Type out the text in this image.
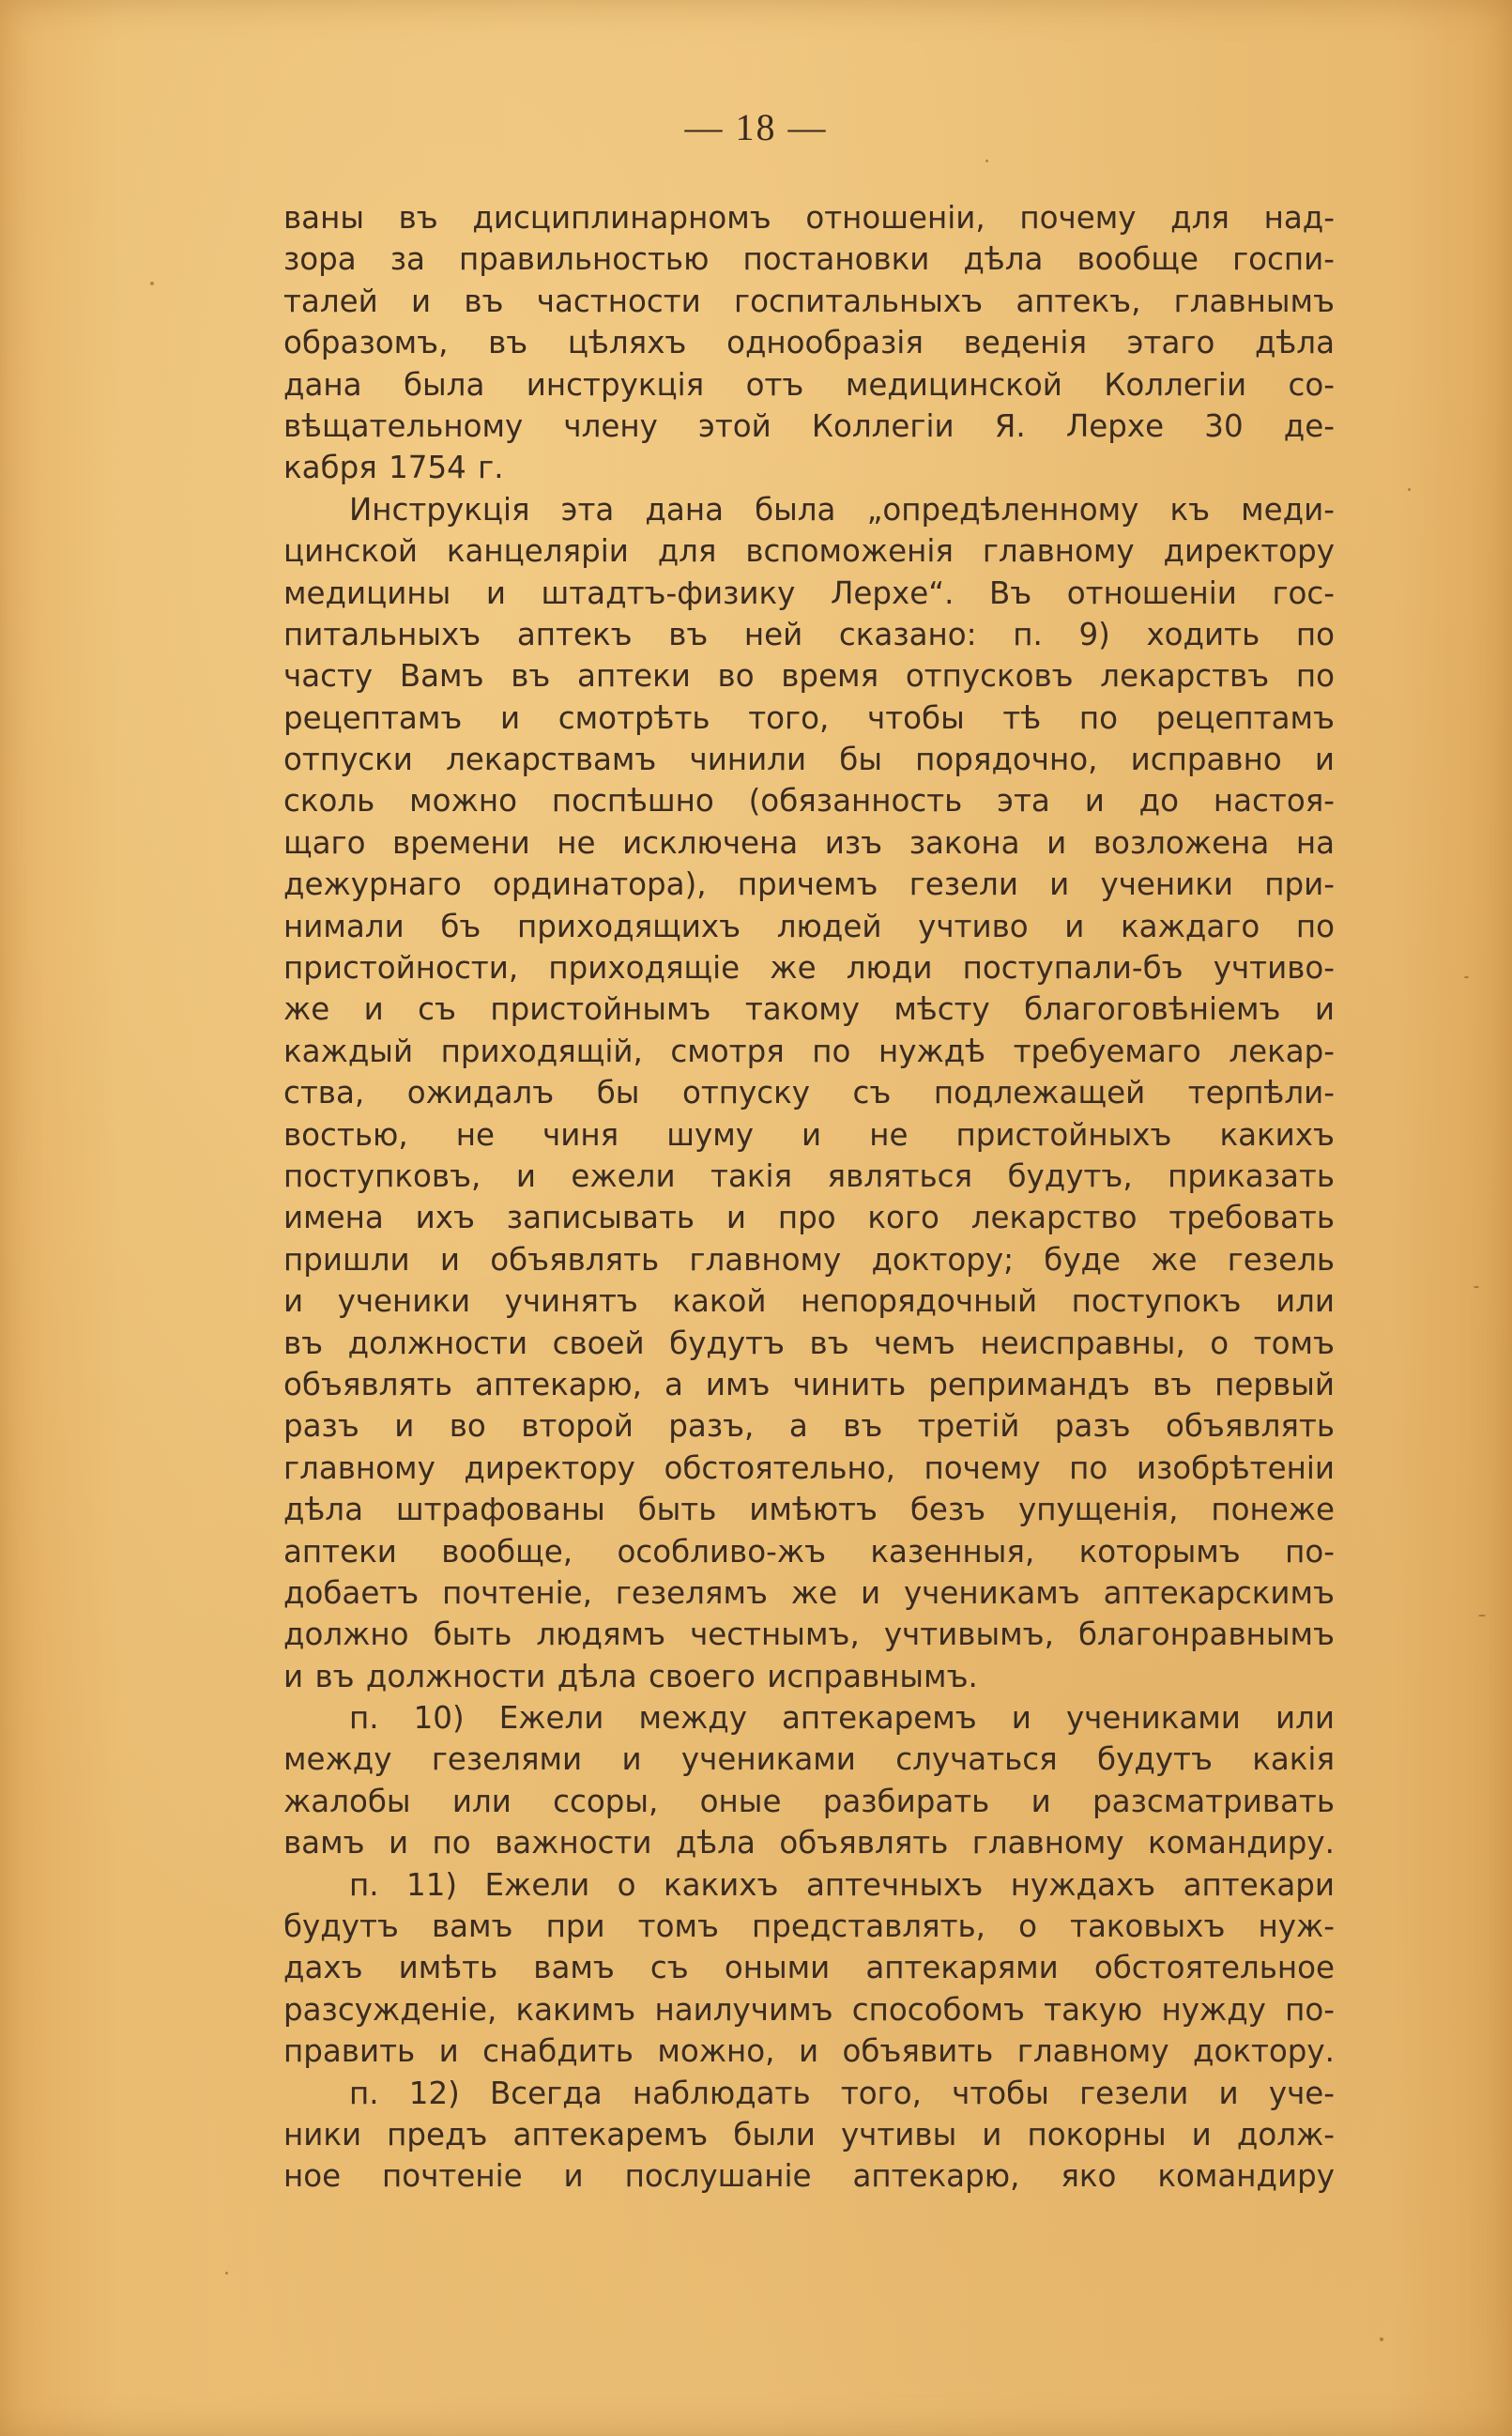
— 18 —
ваны въ дисциплинарномъ отношенiи, почему для над-
зора за правильностью постановки дѣла вообще госпи-
талей и въ частности госпитальныхъ аптекъ, главнымъ
образомъ, въ цѣляхъ однообразiя веденiя этаго дѣла
дана была инструкцiя отъ медицинской Коллегiи со-
вѣщательному члену этой Коллегiи Я. Лерхе 30 де-
кабря 1754 г.
Инструкцiя эта дана была „опредѣленному къ меди-
цинской канцелярiи для вспоможенiя главному директору
медицины и штадтъ-физику Лерхе“. Въ отношенiи гос-
питальныхъ аптекъ въ ней сказано: п. 9) ходить по
часту Вамъ въ аптеки во время отпусковъ лекарствъ по
рецептамъ и смотрѣть того, чтобы тѣ по рецептамъ
отпуски лекарствамъ чинили бы порядочно, исправно и
сколь можно поспѣшно (обязанность эта и до настоя-
щаго времени не исключена изъ закона и возложена на
дежурнаго ординатора), причемъ гезели и ученики при-
нимали бъ приходящихъ людей учтиво и каждаго по
пристойности, приходящiе же люди поступали-бъ учтиво-
же и съ пристойнымъ такому мѣсту благоговѣнiемъ и
каждый приходящiй, смотря по нуждѣ требуемаго лекар-
ства, ожидалъ бы отпуску съ подлежащей терпѣли-
востью, не чиня шуму и не пристойныхъ какихъ
поступковъ, и ежели такiя являться будутъ, приказать
имена ихъ записывать и про кого лекарство требовать
пришли и объявлять главному доктору; буде же гезель
и ученики учинятъ какой непорядочный поступокъ или
въ должности своей будутъ въ чемъ неисправны, о томъ
объявлять аптекарю, а имъ чинить репримандъ въ первый
разъ и во второй разъ, а въ третiй разъ объявлять
главному директору обстоятельно, почему по изобрѣтенiи
дѣла штрафованы быть имѣютъ безъ упущенiя, понеже
аптеки вообще, особливо-жъ казенныя, которымъ по-
добаетъ почтенiе, гезелямъ же и ученикамъ аптекарскимъ
должно быть людямъ честнымъ, учтивымъ, благонравнымъ
и въ должности дѣла своего исправнымъ.
п. 10) Ежели между аптекаремъ и учениками или
между гезелями и учениками случаться будутъ какiя
жалобы или ссоры, оные разбирать и разсматривать
вамъ и по важности дѣла объявлять главному командиру.
п. 11) Ежели о какихъ аптечныхъ нуждахъ аптекари
будутъ вамъ при томъ представлять, о таковыхъ нуж-
дахъ имѣть вамъ съ оными аптекарями обстоятельное
разсужденiе, какимъ наилучимъ способомъ такую нужду по-
править и снабдить можно, и объявить главному доктору.
п. 12) Всегда наблюдать того, чтобы гезели и уче-
ники предъ аптекаремъ были учтивы и покорны и долж-
ное почтенiе и послушанiе аптекарю, яко командиру
